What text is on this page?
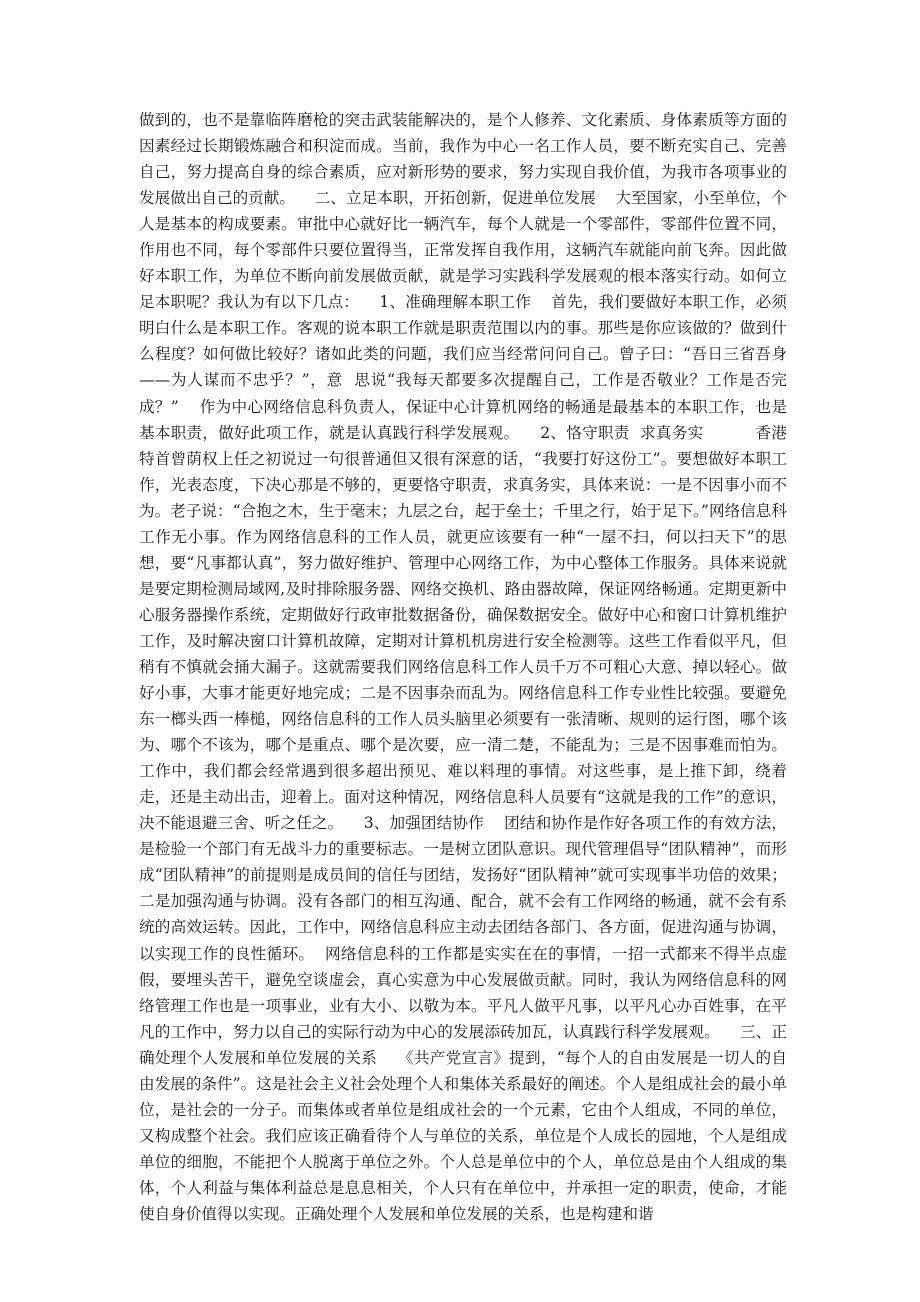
做到的，也不是靠临阵磨枪的突击武装能解决的，是个人修养、文化素质、身体素质等方面的因素经过长期锻炼融合和积淀而成。当前，我作为中心一名工作人员，要不断充实自己、完善自己，努力提高自身的综合素质，应对新形势的要求，努力实现自我价值，为我市各项事业的发展做出自己的贡献。    二、立足本职，开拓创新，促进单位发展    大至国家，小至单位，个人是基本的构成要素。审批中心就好比一辆汽车，每个人就是一个零部件，零部件位置不同，作用也不同，每个零部件只要位置得当，正常发挥自我作用，这辆汽车就能向前飞奔。因此做好本职工作，为单位不断向前发展做贡献，就是学习实践科学发展观的根本落实行动。如何立足本职呢？我认为有以下几点：    1、准确理解本职工作    首先，我们要做好本职工作，必须明白什么是本职工作。客观的说本职工作就是职责范围以内的事。那些是你应该做的？做到什么程度？如何做比较好？诸如此类的问题，我们应当经常问问自己。曾子曰：“吾日三省吾身——为人谋而不忠乎？”，意  思说“我每天都要多次提醒自己，工作是否敬业？工作是否完成？”    作为中心网络信息科负责人，保证中心计算机网络的畅通是最基本的本职工作，也是基本职责，做好此项工作，就是认真践行科学发展观。    2、恪守职责  求真务实          香港特首曾荫权上任之初说过一句很普通但又很有深意的话，“我要打好这份工”。要想做好本职工作，光表态度，下决心那是不够的，更要恪守职责，求真务实，具体来说：一是不因事小而不为。老子说：“合抱之木，生于毫末；九层之台，起于垒土；千里之行，始于足下。”网络信息科工作无小事。作为网络信息科的工作人员，就更应该要有一种“一屋不扫，何以扫天下”的思想，要“凡事都认真”，努力做好维护、管理中心网络工作，为中心整体工作服务。具体来说就是要定期检测局域网,及时排除服务器、网络交换机、路由器故障，保证网络畅通。定期更新中心服务器操作系统，定期做好行政审批数据备份，确保数据安全。做好中心和窗口计算机维护工作，及时解决窗口计算机故障，定期对计算机机房进行安全检测等。这些工作看似平凡，但稍有不慎就会捅大漏子。这就需要我们网络信息科工作人员千万不可粗心大意、掉以轻心。做好小事，大事才能更好地完成；二是不因事杂而乱为。网络信息科工作专业性比较强。要避免东一榔头西一棒槌，网络信息科的工作人员头脑里必须要有一张清晰、规则的运行图，哪个该为、哪个不该为，哪个是重点、哪个是次要，应一清二楚，不能乱为；三是不因事难而怕为。工作中，我们都会经常遇到很多超出预见、难以料理的事情。对这些事，是上推下卸，绕着走，还是主动出击，迎着上。面对这种情况，网络信息科人员要有“这就是我的工作”的意识，决不能退避三舍、听之任之。    3、加强团结协作    团结和协作是作好各项工作的有效方法，是检验一个部门有无战斗力的重要标志。一是树立团队意识。现代管理倡导“团队精神”，而形成“团队精神”的前提则是成员间的信任与团结，发扬好“团队精神”就可实现事半功倍的效果；二是加强沟通与协调。没有各部门的相互沟通、配合，就不会有工作网络的畅通，就不会有系统的高效运转。因此，工作中，网络信息科应主动去团结各部门、各方面，促进沟通与协调，以实现工作的良性循环。  网络信息科的工作都是实实在在的事情，一招一式都来不得半点虚假，要埋头苦干，避免空谈虚会，真心实意为中心发展做贡献。同时，我认为网络信息科的网络管理工作也是一项事业，业有大小、以敬为本。平凡人做平凡事，以平凡心办百姓事，在平凡的工作中，努力以自己的实际行动为中心的发展添砖加瓦，认真践行科学发展观。    三、正确处理个人发展和单位发展的关系    《共产党宣言》提到，“每个人的自由发展是一切人的自由发展的条件”。这是社会主义社会处理个人和集体关系最好的阐述。个人是组成社会的最小单位，是社会的一分子。而集体或者单位是组成社会的一个元素，它由个人组成，不同的单位，又构成整个社会。我们应该正确看待个人与单位的关系，单位是个人成长的园地，个人是组成单位的细胞，不能把个人脱离于单位之外。个人总是单位中的个人，单位总是由个人组成的集体，个人利益与集体利益总是息息相关，个人只有在单位中，并承担一定的职责，使命，才能使自身价值得以实现。正确处理个人发展和单位发展的关系，也是构建和谐
